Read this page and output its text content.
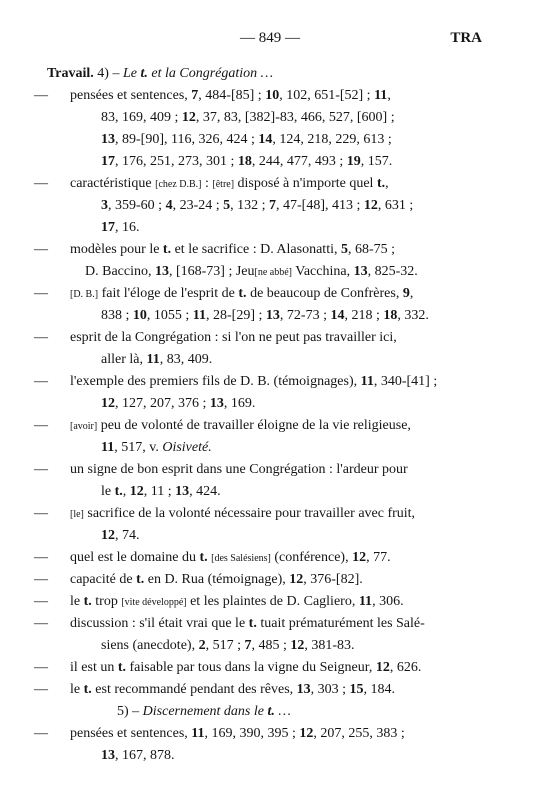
— 849 —	TRA
Travail. 4) – Le t. et la Congrégation …
— pensées et sentences, 7, 484-[85] ; 10, 102, 651-[52] ; 11,
83, 169, 409 ; 12, 37, 83, [382]-83, 466, 527, [600] ;
13, 89-[90], 116, 326, 424 ; 14, 124, 218, 229, 613 ;
17, 176, 251, 273, 301 ; 18, 244, 477, 493 ; 19, 157.
— caractéristique [chez D.B.] : [être] disposé à n'importe quel t.,
3, 359-60 ; 4, 23-24 ; 5, 132 ; 7, 47-[48], 413 ; 12, 631 ;
17, 16.
— modèles pour le t. et le sacrifice : D. Alasonatti, 5, 68-75 ;
D. Baccino, 13, [168-73] ; Jeu[ne abbé] Vacchina, 13, 825-32.
— [D. B.] fait l'éloge de l'esprit de t. de beaucoup de Confrères, 9,
838 ; 10, 1055 ; 11, 28-[29] ; 13, 72-73 ; 14, 218 ; 18, 332.
— esprit de la Congrégation : si l'on ne peut pas travailler ici,
aller là, 11, 83, 409.
— l'exemple des premiers fils de D. B. (témoignages), 11, 340-[41] ;
12, 127, 207, 376 ; 13, 169.
— [avoir] peu de volonté de travailler éloigne de la vie religieuse,
11, 517, v. Oisiveté.
— un signe de bon esprit dans une Congrégation : l'ardeur pour
le t., 12, 11 ; 13, 424.
— [le] sacrifice de la volonté nécessaire pour travailler avec fruit,
12, 74.
— quel est le domaine du t. [des Salésiens] (conférence), 12, 77.
— capacité de t. en D. Rua (témoignage), 12, 376-[82].
— le t. trop [vite développé] et les plaintes de D. Cagliero, 11, 306.
— discussion : s'il était vrai que le t. tuait prématurément les Salé-
siens (anecdote), 2, 517 ; 7, 485 ; 12, 381-83.
— il est un t. faisable par tous dans la vigne du Seigneur, 12, 626.
— le t. est recommandé pendant des rêves, 13, 303 ; 15, 184.
5) – Discernement dans le t. …
— pensées et sentences, 11, 169, 390, 395 ; 12, 207, 255, 383 ;
13, 167, 878.
